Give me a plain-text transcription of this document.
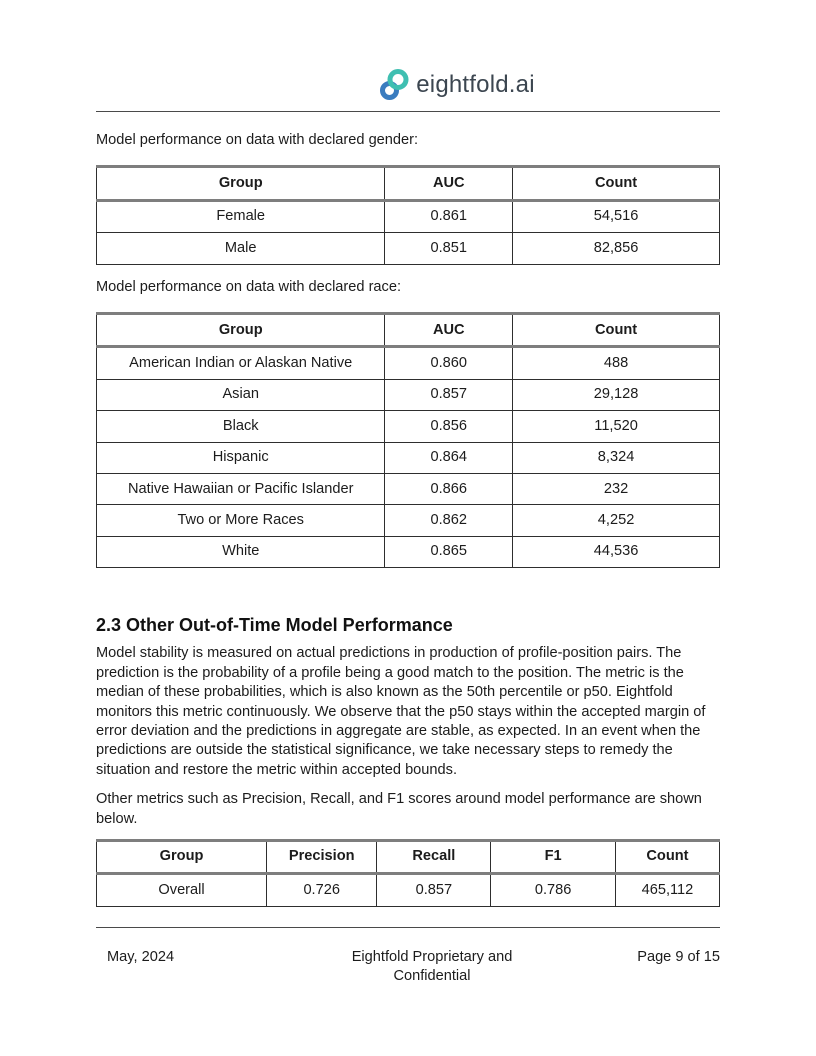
eightfold.ai

Model performance on data with declared gender:

Group	AUC	Count
Female	0.861	54,516
Male	0.851	82,856

Model performance on data with declared race:

Group	AUC	Count
American Indian or Alaskan Native	0.860	488
Asian	0.857	29,128
Black	0.856	11,520
Hispanic	0.864	8,324
Native Hawaiian or Pacific Islander	0.866	232
Two or More Races	0.862	4,252
White	0.865	44,536
2.3 Other Out-of-Time Model Performance

Model stability is measured on actual predictions in production of profile-position pairs. The prediction is the probability of a profile being a good match to the position. The metric is the median of these probabilities, which is also known as the 50th percentile or p50. Eightfold monitors this metric continuously. We observe that the p50 stays within the accepted margin of error deviation and the predictions in aggregate are stable, as expected. In an event when the predictions are outside the statistical significance, we take necessary steps to remedy the situation and restore the metric within accepted bounds.

Other metrics such as Precision, Recall, and F1 scores around model performance are shown below.

Group	Precision	Recall	F1	Count
Overall	0.726	0.857	0.786	465,112
May, 2024	Eightfold Proprietary and
Confidential
Page 9 of 15
